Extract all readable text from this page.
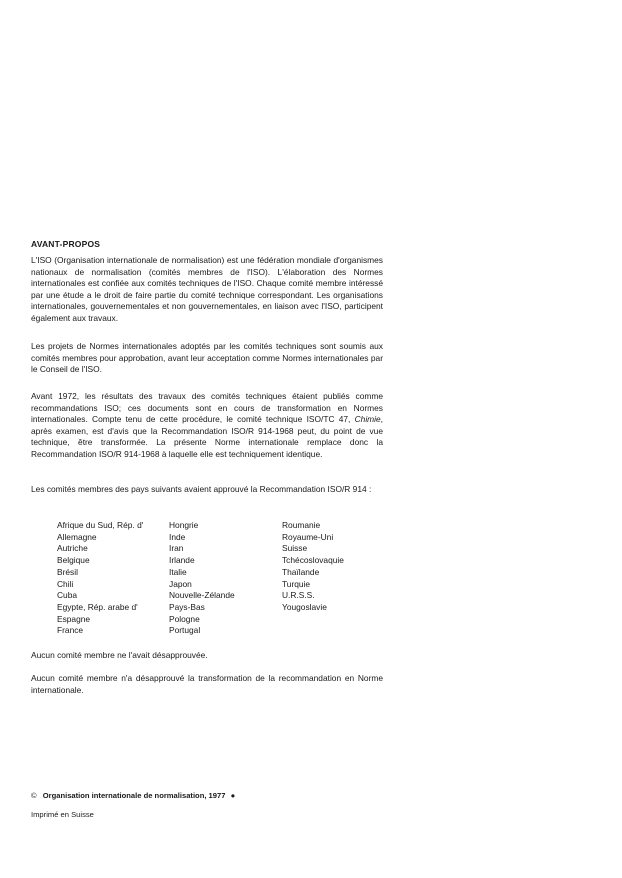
AVANT-PROPOS

L'ISO (Organisation internationale de normalisation) est une fédération mondiale d'organismes nationaux de normalisation (comités membres de l'ISO). L'élaboration des Normes internationales est confiée aux comités techniques de l'ISO. Chaque comité membre intéressé par une étude a le droit de faire partie du comité technique correspondant. Les organisations internationales, gouvernementales et non gouvernementales, en liaison avec l'ISO, participent également aux travaux.

Les projets de Normes internationales adoptés par les comités techniques sont soumis aux comités membres pour approbation, avant leur acceptation comme Normes internationales par le Conseil de l'ISO.

Avant 1972, les résultats des travaux des comités techniques étaient publiés comme recommandations ISO; ces documents sont en cours de transformation en Normes internationales. Compte tenu de cette procédure, le comité technique ISO/TC 47, Chimie, après examen, est d'avis que la Recommandation ISO/R 914-1968 peut, du point de vue technique, être transformée. La présente Norme internationale remplace donc la Recommandation ISO/R 914-1968 à laquelle elle est techniquement identique.

Les comités membres des pays suivants avaient approuvé la Recommandation ISO/R 914 :

Afrique du Sud, Rép. d'
Allemagne
Autriche
Belgique
Brésil
Chili
Cuba
Egypte, Rép. arabe d'
Espagne
France
Hongrie
Inde
Iran
Irlande
Italie
Japon
Nouvelle-Zélande
Pays-Bas
Pologne
Portugal
Roumanie
Royaume-Uni
Suisse
Tchécoslovaquie
Thaïlande
Turquie
U.R.S.S.
Yougoslavie

Aucun comité membre ne l'avait désapprouvée.

Aucun comité membre n'a désapprouvé la transformation de la recommandation en Norme internationale.

© Organisation internationale de normalisation, 1977 ●
Imprimé en Suisse
